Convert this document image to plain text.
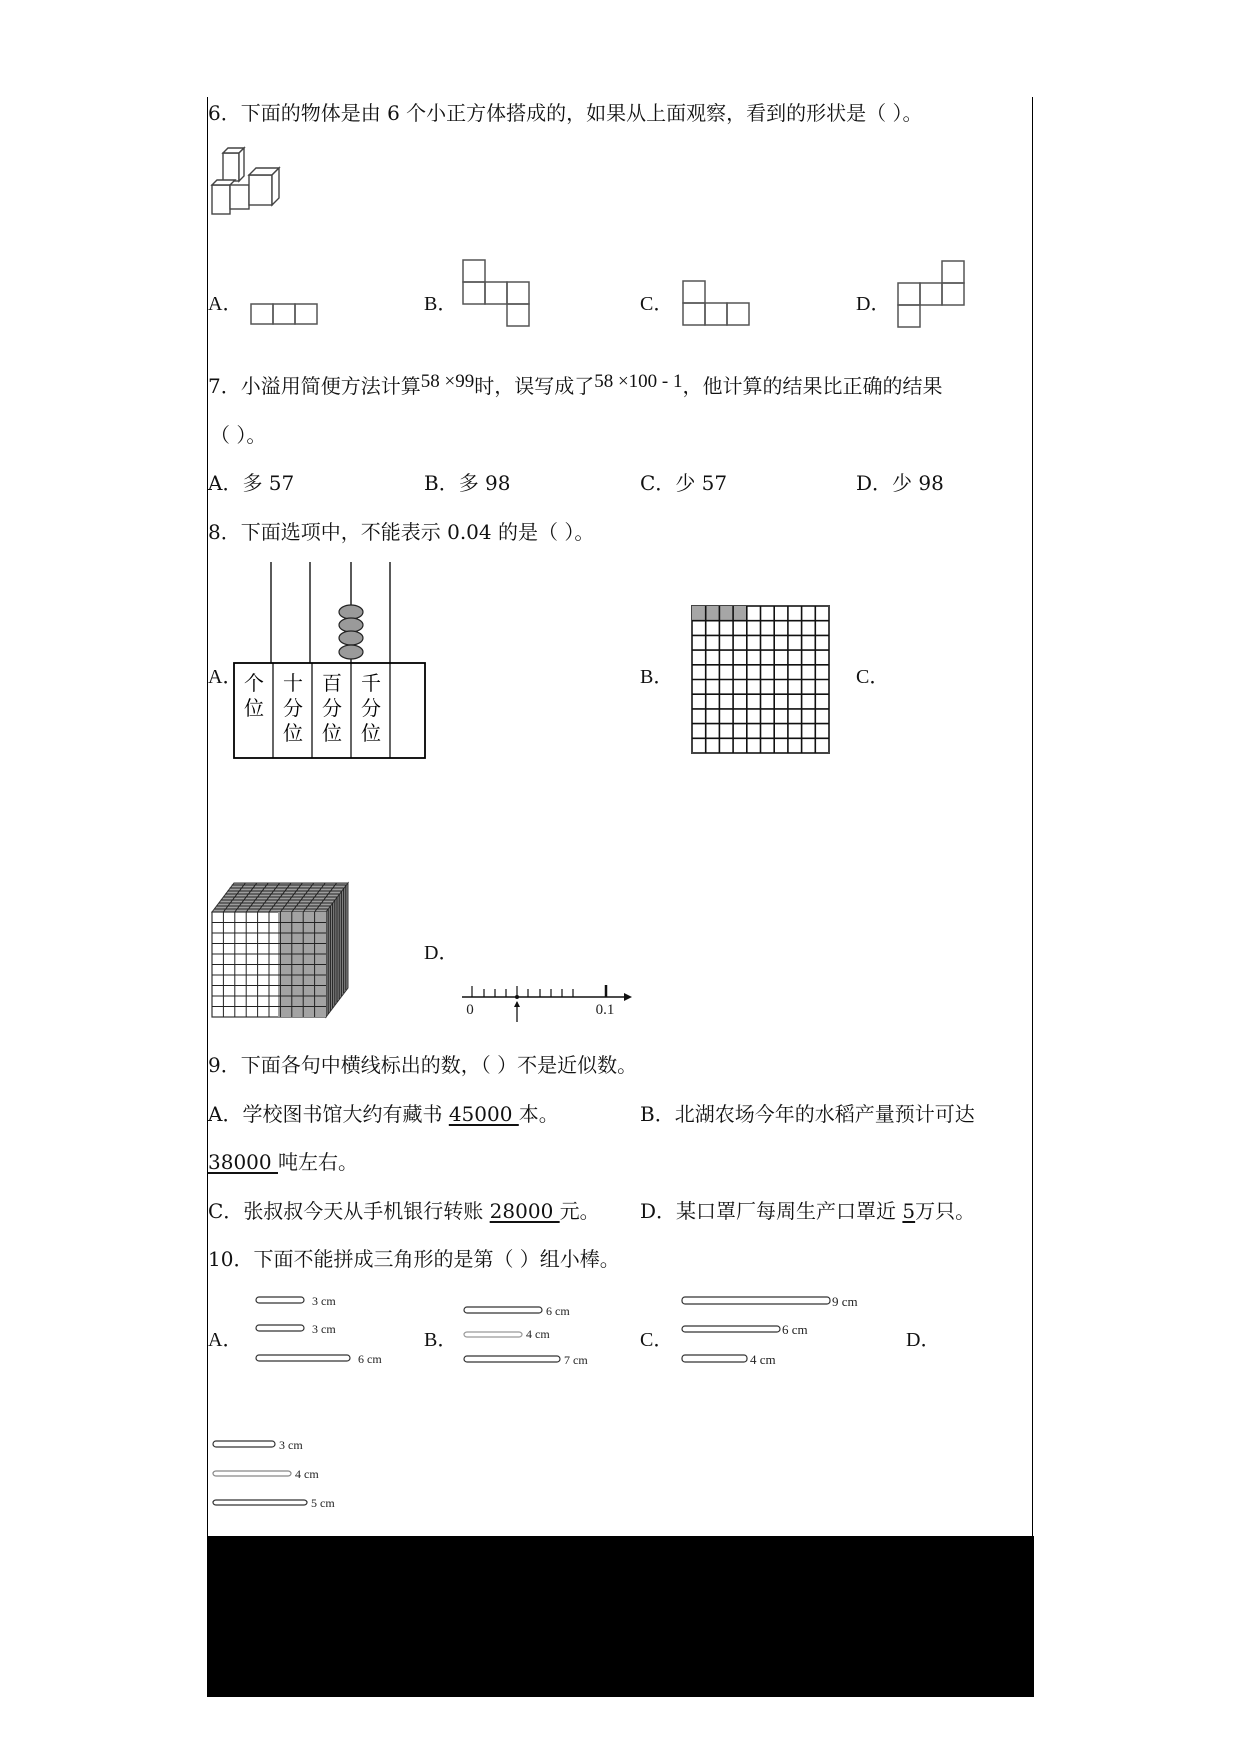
6．下面的物体是由 6 个小正方体搭成的，如果从上面观察，看到的形状是（ ）。
A．	B．	C．	D．
7．小溢用简便方法计算58 ×99时，误写成了58 ×100 - 1，他计算的结果比正确的结果
（ ）。
A．多 57	B．多 98	C．少 57	D．少 98
8．下面选项中，不能表示 0.04 的是（ ）。
A． 个
位
十
分
位
百
分
位
千
分
位
B．	C．
D．
0	0.1
9．下面各句中横线标出的数，（ ）不是近似数。
A．学校图书馆大约有藏书 45000 本。	B．北湖农场今年的水稻产量预计可达
38000 吨左右。
C．张叔叔今天从手机银行转账 28000 元。 D．某口罩厂每周生产口罩近 5万只。
10．下面不能拼成三角形的是第（ ）组小棒。
A．
3 cm
3 cm
6 cm
B．
6 cm
4 cm
7 cm
C．
9 cm
6 cm
4 cm
D．
3 cm
4 cm
5 cm
